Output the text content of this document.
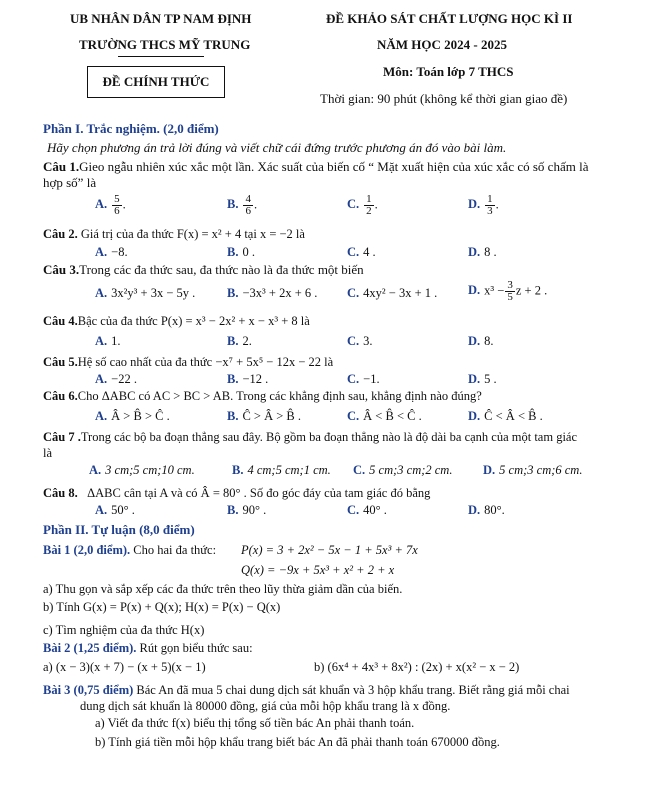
UB NHÂN DÂN TP NAM ĐỊNH
TRƯỜNG THCS MỸ TRUNG
ĐỀ CHÍNH THỨC
ĐỀ KHẢO SÁT CHẤT LƯỢNG HỌC KÌ II
NĂM HỌC 2024 - 2025
Môn: Toán lớp 7 THCS
Thời gian: 90 phút (không kể thời gian giao đề)
Phần I. Trắc nghiệm. (2,0 điểm)
Hãy chọn phương án trả lời đúng và viết chữ cái đứng trước phương án đó vào bài làm.
Câu 1.Gieo ngẫu nhiên xúc xắc một lần. Xác suất của biến cố “ Mặt xuất hiện của xúc xắc có số chấm là
hợp số” là
A. $\frac{5}{6}$ .	B. $\frac{4}{6}$ .	C. $\frac{1}{2}$ .	D. $\frac{1}{3}$ .
Câu 2. Giá trị của đa thức F(x) = x² + 4 tại x = −2 là
A. −8.	B. 0 .	C. 4 .	D. 8 .
Câu 3.Trong các đa thức sau, đa thức nào là đa thức một biến
A. 3x²y³ + 3x − 5y .	B. −3x³ + 2x + 6 . C. 4xy² − 3x + 1 . D. $x^3 - \frac{3}{5}$ z + 2 .
Câu 4.Bậc của đa thức P(x) = x³ − 2x² + x − x³ + 8 là
A. 1.	B. 2.	C. 3.	D. 8.
Câu 5.Hệ số cao nhất của đa thức −x⁷ + 5x⁵ − 12x − 22 là
A. −22 .	B. −12 .	C. −1.	D. 5 .
Câu 6.Cho ΔABC có AC > BC > AB. Trong các khẳng định sau, khẳng định nào đúng?
A. Â > B̂ > Ĉ .	B. Ĉ > Â > B̂ .	C. Â < B̂ < Ĉ .	D. Ĉ < Â < B̂ .
Câu 7 .Trong các bộ ba đoạn thẳng sau đây. Bộ gồm ba đoạn thẳng nào là độ dài ba cạnh của một tam giác
là
A. 3 cm;5 cm;10 cm.	B. 4 cm;5 cm;1 cm. C. 5 cm;3 cm;2 cm. D. 5 cm;3 cm;6 cm.
Câu 8. ΔABC cân tại A và có Â = 80° . Số đo góc đáy của tam giác đó bằng
A. 50° .	B. 90° .	C. 40° .	D. 80°.
Phần II. Tự luận (8,0 điểm)
Bài 1 (2,0 điểm). Cho hai đa thức: P(x) = 3 + 2x² − 5x − 1 + 5x³ + 7x
Q(x) = −9x + 5x³ + x² + 2 + x
a) Thu gọn và sắp xếp các đa thức trên theo lũy thừa giảm dần của biến.
b) Tính G(x) = P(x) + Q(x); H(x) = P(x) − Q(x)
c) Tìm nghiệm của đa thức H(x)
Bài 2 (1,25 điểm). Rút gọn biểu thức sau:
a) (x − 3)(x + 7) − (x + 5)(x − 1)	b) (6x⁴ + 4x³ + 8x²) : (2x) + x(x² − x − 2)
Bài 3 (0,75 điểm) Bác An đã mua 5 chai dung dịch sát khuẩn và 3 hộp khẩu trang. Biết rằng giá mỗi chai
dung dịch sát khuẩn là 80000 đồng, giá của mỗi hộp khẩu trang là x đồng.
a) Viết đa thức f(x) biểu thị tổng số tiền bác An phải thanh toán.
b) Tính giá tiền mỗi hộp khẩu trang biết bác An đã phải thanh toán 670000 đồng.
